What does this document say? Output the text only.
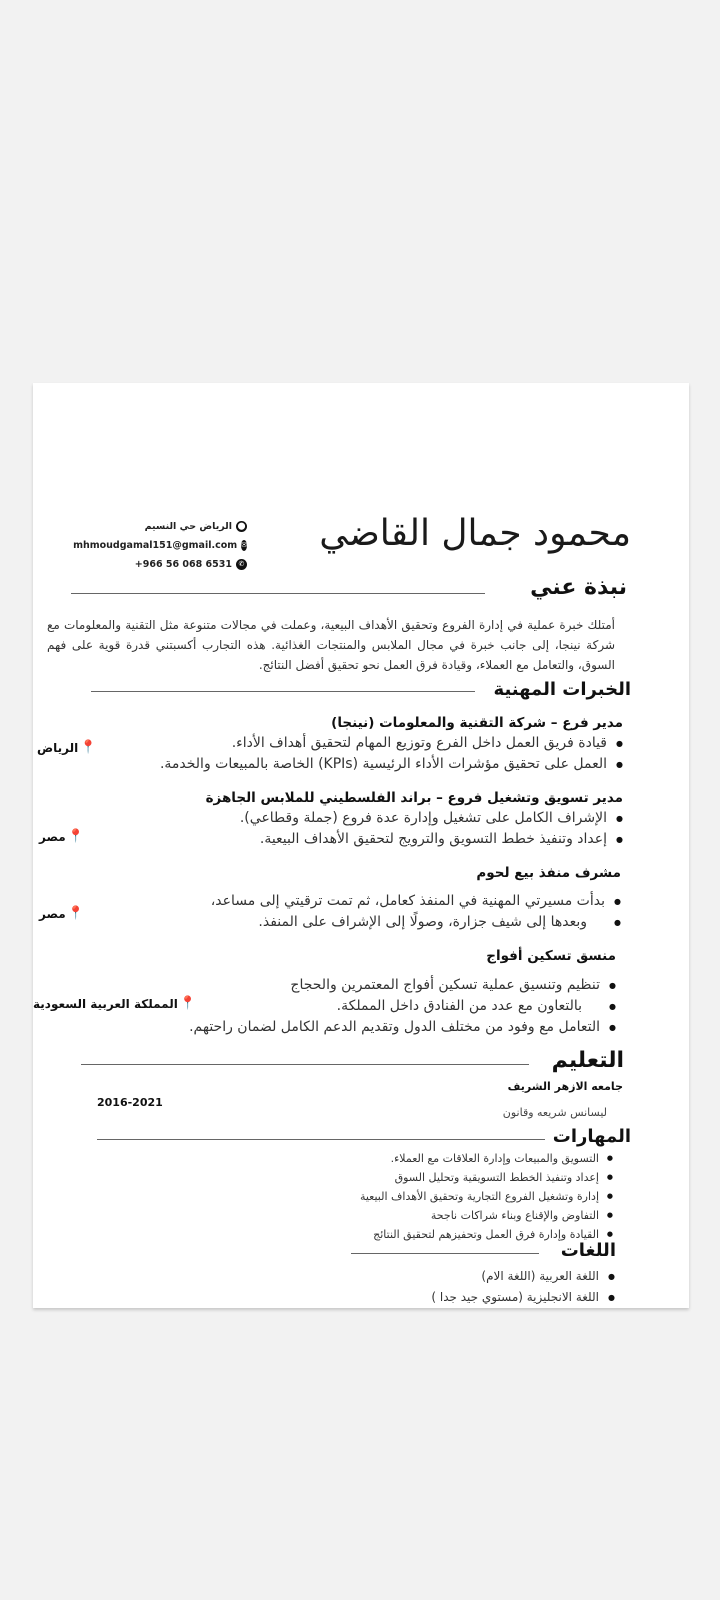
محمود جمال القاضي
الرياض حي النسيم ⬤
mhmoudgamal151@gmail.com ✉
+966 56 068 6531 ✆
نبذة عني
أمتلك خبرة عملية في إدارة الفروع وتحقيق الأهداف البيعية، وعملت في مجالات متنوعة مثل التقنية والمعلومات مع شركة نينجا، إلى جانب خبرة في مجال الملابس والمنتجات الغذائية. هذه التجارب أكسبتني قدرة قوية على فهم السوق، والتعامل مع العملاء، وقيادة فرق العمل نحو تحقيق أفضل النتائج.
الخبرات المهنية
مدير فرع – شركة التقنية والمعلومات (نينجا)
● قيادة فريق العمل داخل الفرع وتوزيع المهام لتحقيق أهداف الأداء.
● العمل على تحقيق مؤشرات الأداء الرئيسية (KPIs) الخاصة بالمبيعات والخدمة.
📍
الرياض
مدير تسويق وتشغيل فروع – براند الفلسطيني للملابس الجاهزة
● الإشراف الكامل على تشغيل وإدارة عدة فروع (جملة وقطاعي).
● إعداد وتنفيذ خطط التسويق والترويج لتحقيق الأهداف البيعية.
📍
مصر
مشرف منفذ بيع لحوم
● بدأت مسيرتي المهنية في المنفذ كعامل، ثم تمت ترقيتي إلى مساعد،
● وبعدها إلى شيف جزارة، وصولًا إلى الإشراف على المنفذ.
📍
مصر
منسق تسكين أفواج
● تنظيم وتنسيق عملية تسكين أفواج المعتمرين والحجاج
● بالتعاون مع عدد من الفنادق داخل المملكة.
● التعامل مع وفود من مختلف الدول وتقديم الدعم الكامل لضمان راحتهم.
📍
المملكة العربية السعودية
التعليم
جامعه الازهر الشريف
2016-2021
ليسانس شريعه وقانون
المهارات
● التسويق والمبيعات وإدارة العلاقات مع العملاء.
● إعداد وتنفيذ الخطط التسويقية وتحليل السوق
● إدارة وتشغيل الفروع التجارية وتحقيق الأهداف البيعية
● التفاوض والإقناع وبناء شراكات ناجحة
● القيادة وإدارة فرق العمل وتحفيزهم لتحقيق النتائج
اللغات
● اللغة العربية (اللغة الام)
● اللغة الانجليزية (مستوي جيد جدا )
